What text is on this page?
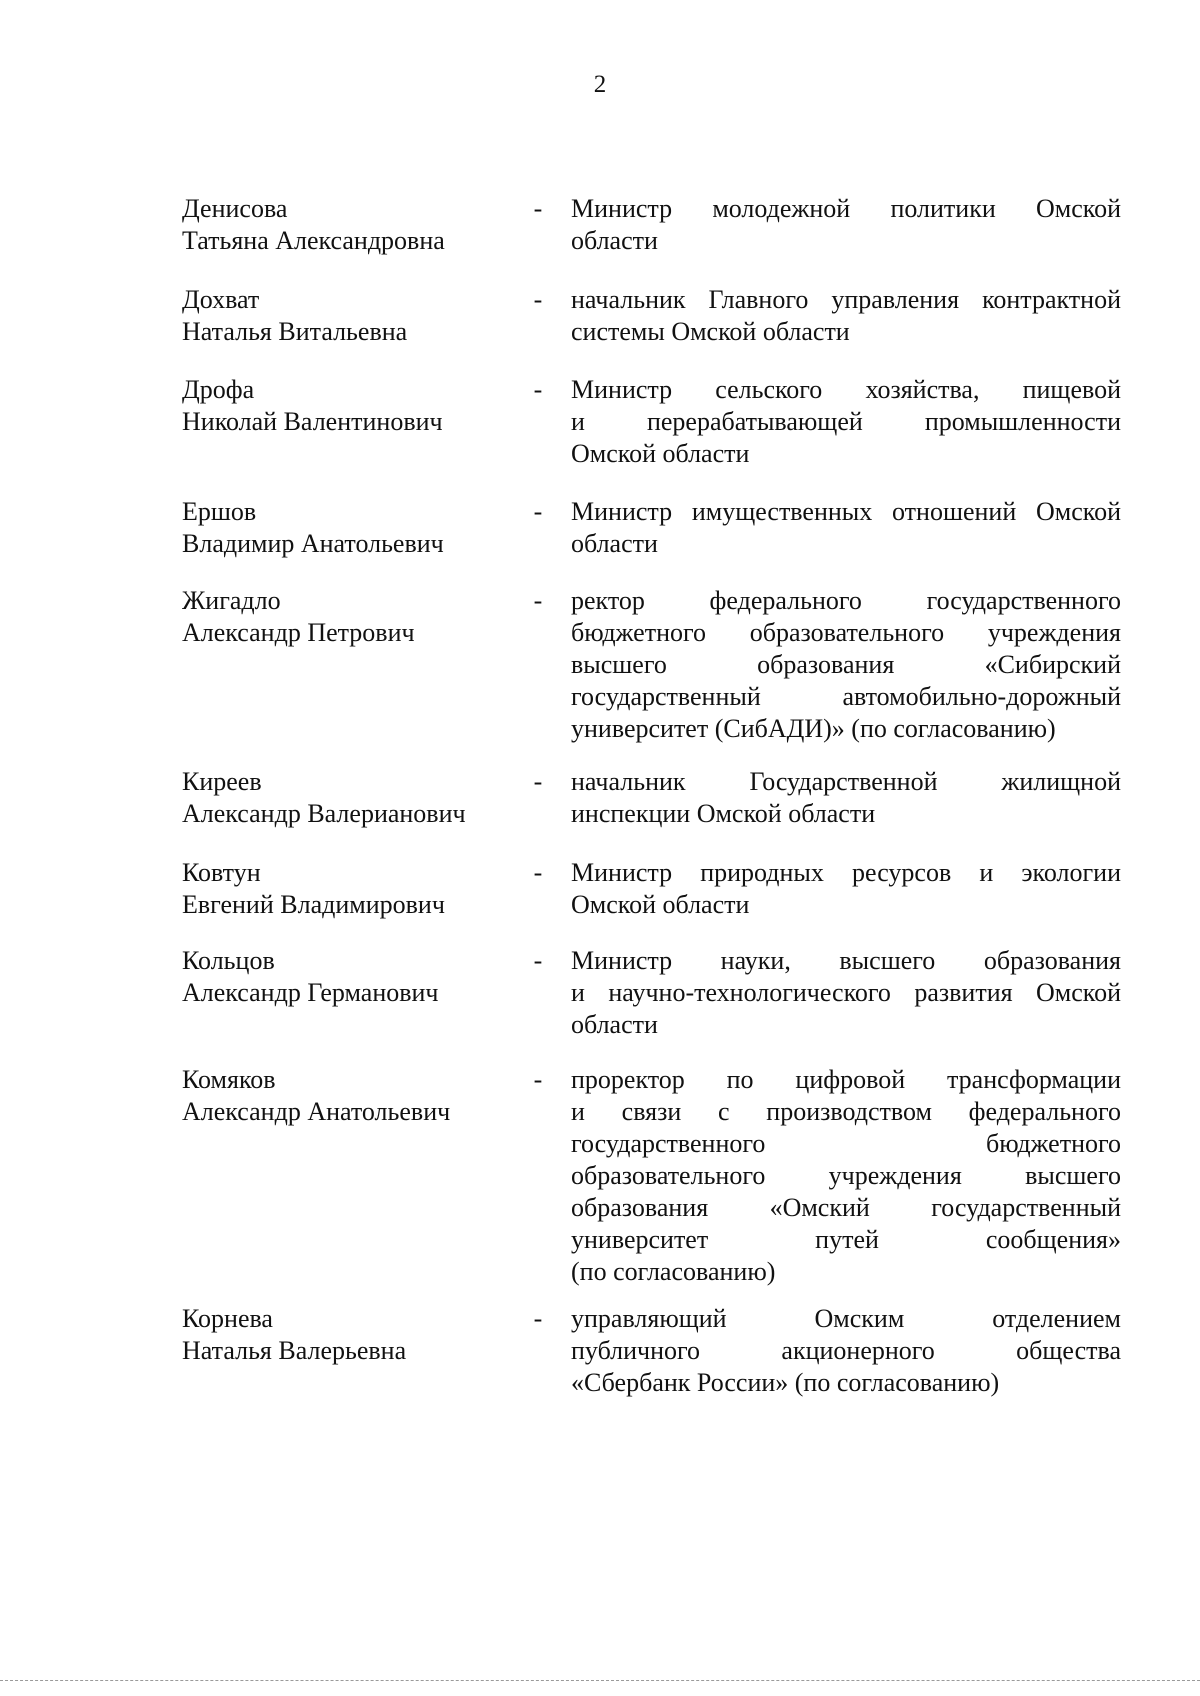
2
Денисова
Татьяна Александровна
- Министр молодежной политики Омской
области
Дохват
Наталья Витальевна
- начальник Главного управления контрактной
системы Омской области
Дрофа
Николай Валентинович
- Министр сельского хозяйства, пищевой
и перерабатывающей промышленности
Омской области
Ершов
Владимир Анатольевич
- Министр имущественных отношений Омской
области
Жигадло
Александр Петрович
- ректор федерального государственного
бюджетного образовательного учреждения
высшего образования «Сибирский
государственный автомобильно-дорожный
университет (СибАДИ)» (по согласованию)
Киреев
Александр Валерианович
- начальник Государственной жилищной
инспекции Омской области
Ковтун
Евгений Владимирович
- Министр природных ресурсов и экологии
Омской области
Кольцов
Александр Германович
- Министр науки, высшего образования
и научно-технологического развития Омской
области
Комяков
Александр Анатольевич
- проректор по цифровой трансформации
и связи с производством федерального
государственного бюджетного
образовательного учреждения высшего
образования «Омский государственный
университет путей сообщения»
(по согласованию)
Корнева
Наталья Валерьевна
- управляющий Омским отделением
публичного акционерного общества
«Сбербанк России» (по согласованию)
